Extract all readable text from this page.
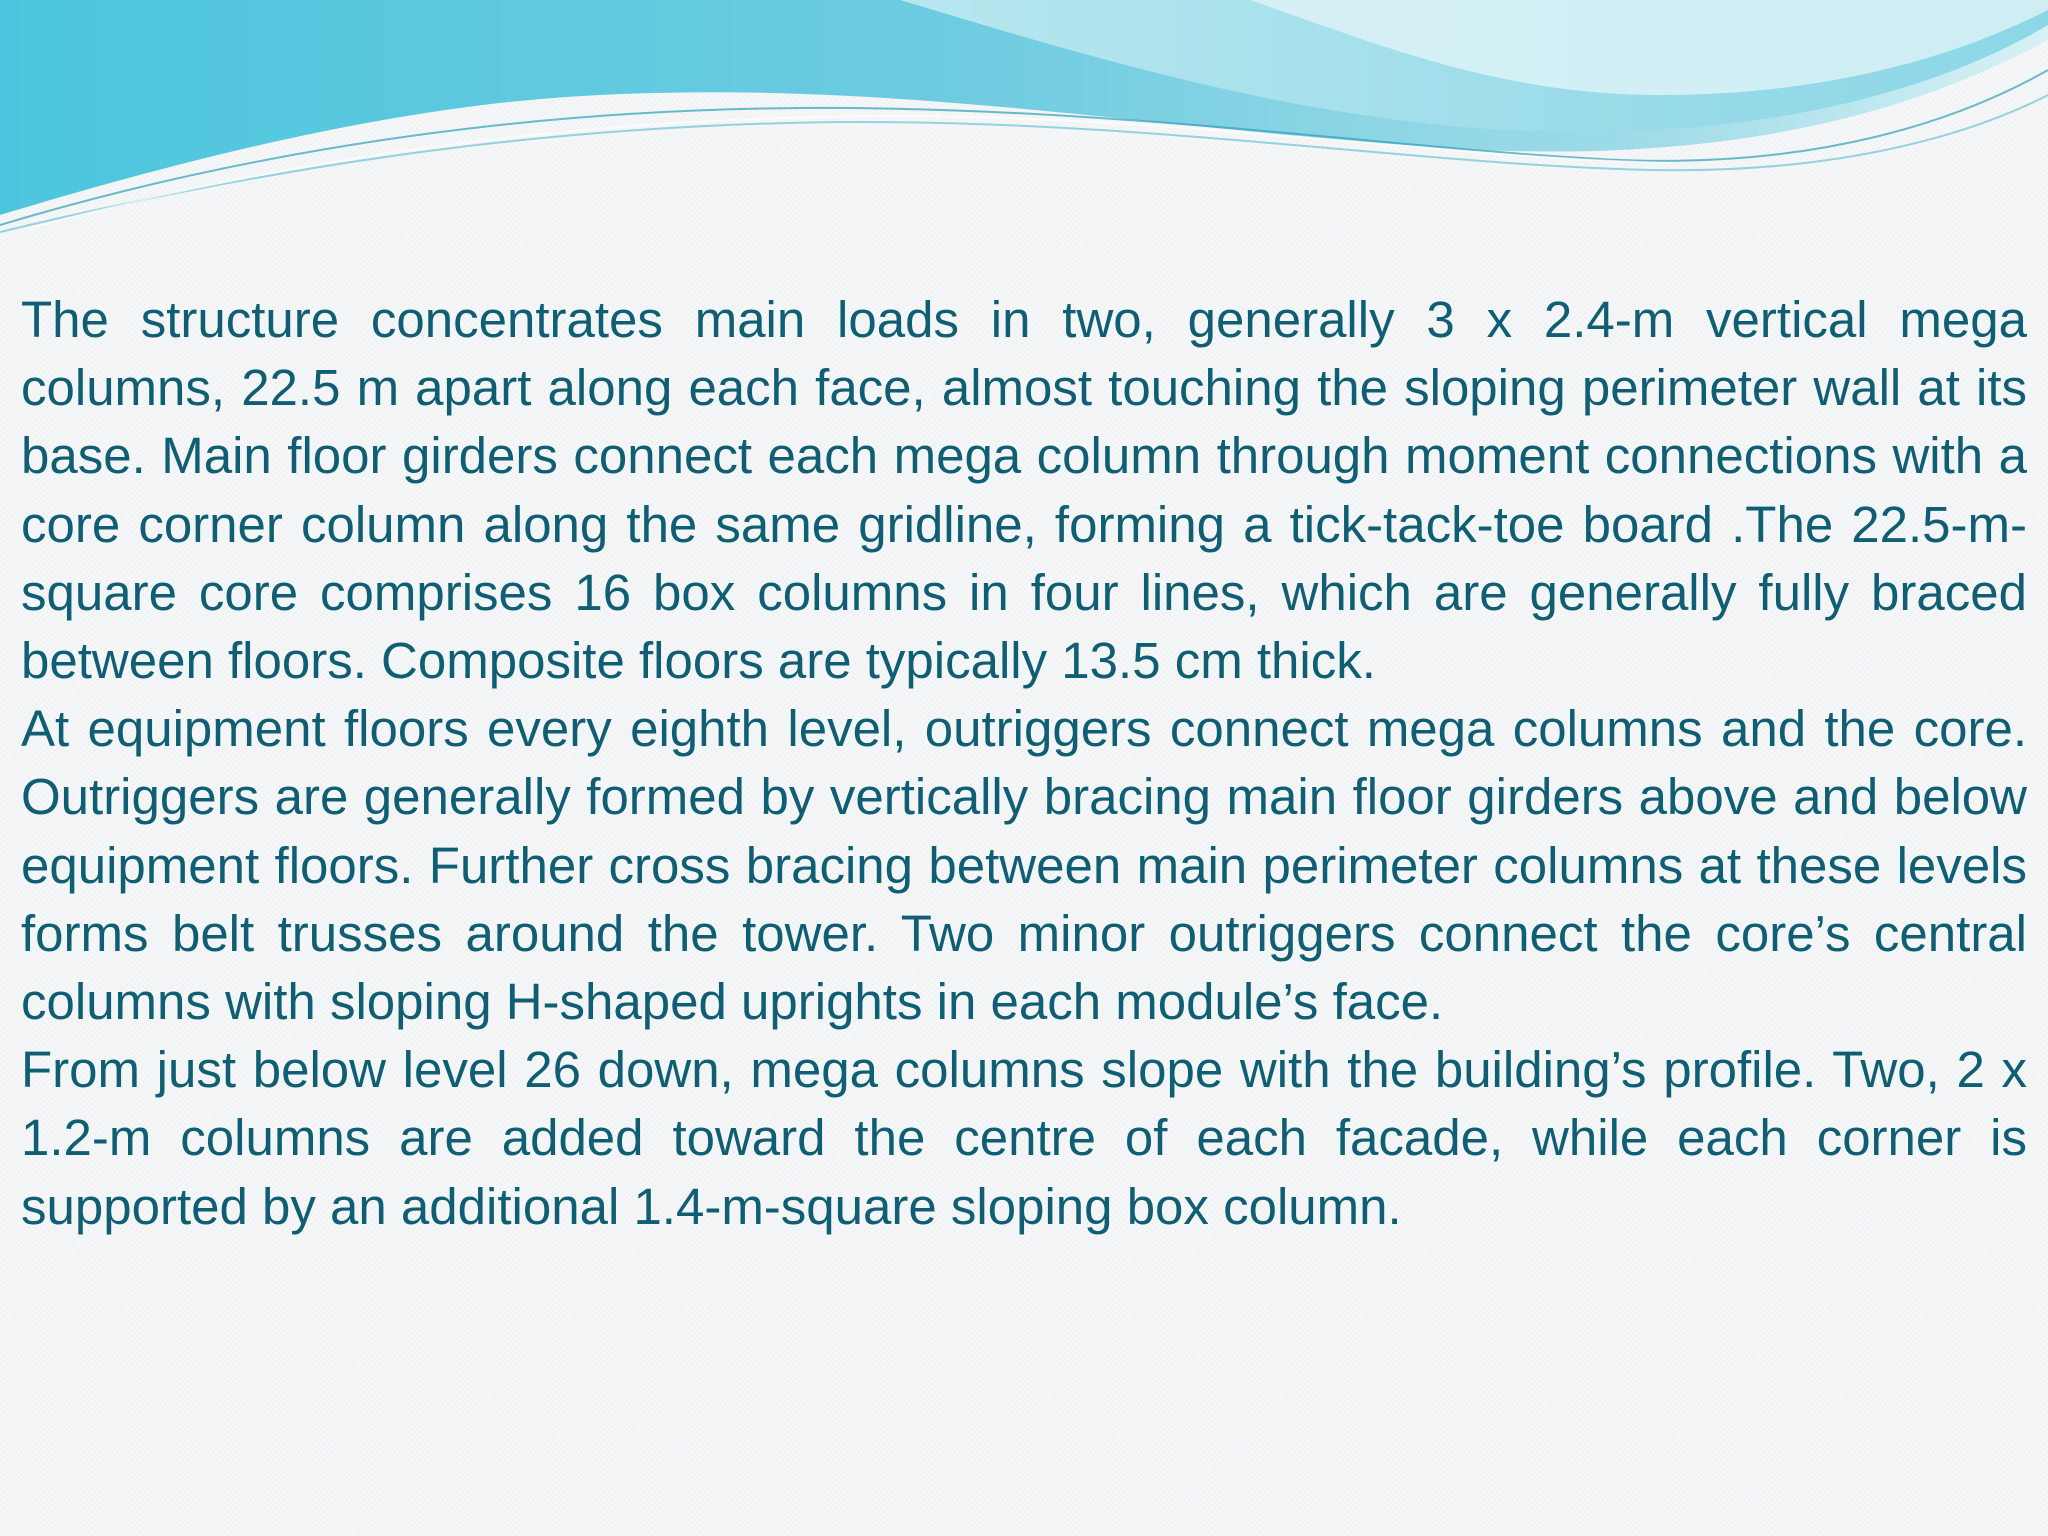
The structure concentrates main loads in two, generally 3 x 2.4-m vertical mega columns, 22.5 m apart along each face, almost touching the sloping perimeter wall at its base. Main floor girders connect each mega column through moment connections with a core corner column along the same gridline, forming a tick-tack-toe board .The 22.5-m-square core comprises 16 box columns in four lines, which are generally fully braced between floors. Composite floors are typically 13.5 cm thick.

At equipment floors every eighth level, outriggers connect mega columns and the core. Outriggers are generally formed by vertically bracing main floor girders above and below equipment floors. Further cross bracing between main perimeter columns at these levels forms belt trusses around the tower. Two minor outriggers connect the core’s central columns with sloping H-shaped uprights in each module’s face.

From just below level 26 down, mega columns slope with the building’s profile. Two, 2 x 1.2-m columns are added toward the centre of each facade, while each corner is supported by an additional 1.4-m-square sloping box column.
